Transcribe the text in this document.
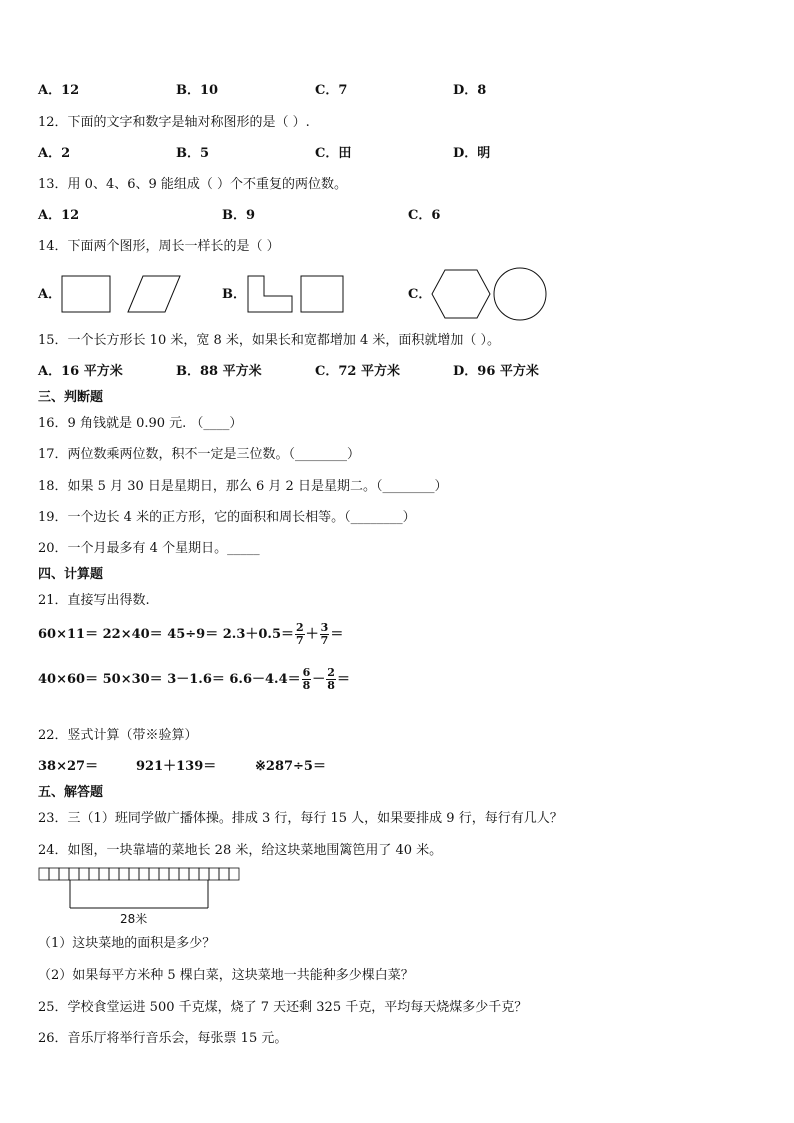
A．12	B．10	C．7	D．8
12．下面的文字和数字是轴对称图形的是（ ）.
A．2	B．5	C．田	D．明
13．用 0、4、6、9 能组成（ ）个不重复的两位数。
A．12	B．9	C．6
14．下面两个图形，周长一样长的是（ ）
A．	B．	C．
15．一个长方形长 10 米，宽 8 米，如果长和宽都增加 4 米，面积就增加（ ）。
A．16 平方米	B．88 平方米	C．72 平方米	D．96 平方米
三、判断题
16．9 角钱就是 0.90 元. （____）
17．两位数乘两位数，积不一定是三位数。（________）
18．如果 5 月 30 日是星期日，那么 6 月 2 日是星期二。（________）
19．一个边长 4 米的正方形，它的面积和周长相等。（________）
20．一个月最多有 4 个星期日。_____
四、计算题
21．直接写出得数.
$60\times 11= 22\times 40= 45\div 9= 2.3+0.5= \frac{2}{7} + \frac{3}{7}$ ＝
$40\times 60= 50\times 30= 3-1.6= 6.6-4.4= \frac{6}{8} - \frac{2}{8}$ ＝
22．竖式计算（带※验算）
38×27＝	921＋139＝	※287÷5＝
五、解答题
23．三（1）班同学做广播体操。排成 3 行，每行 15 人，如果要排成 9 行，每行有几人？
24．如图，一块靠墙的菜地长 28 米，给这块菜地围篱笆用了 40 米。
28米
（1）这块菜地的面积是多少？
（2）如果每平方米种 5 棵白菜，这块菜地一共能种多少棵白菜？
25．学校食堂运进 500 千克煤，烧了 7 天还剩 325 千克，平均每天烧煤多少千克？
26．音乐厅将举行音乐会，每张票 15 元。
